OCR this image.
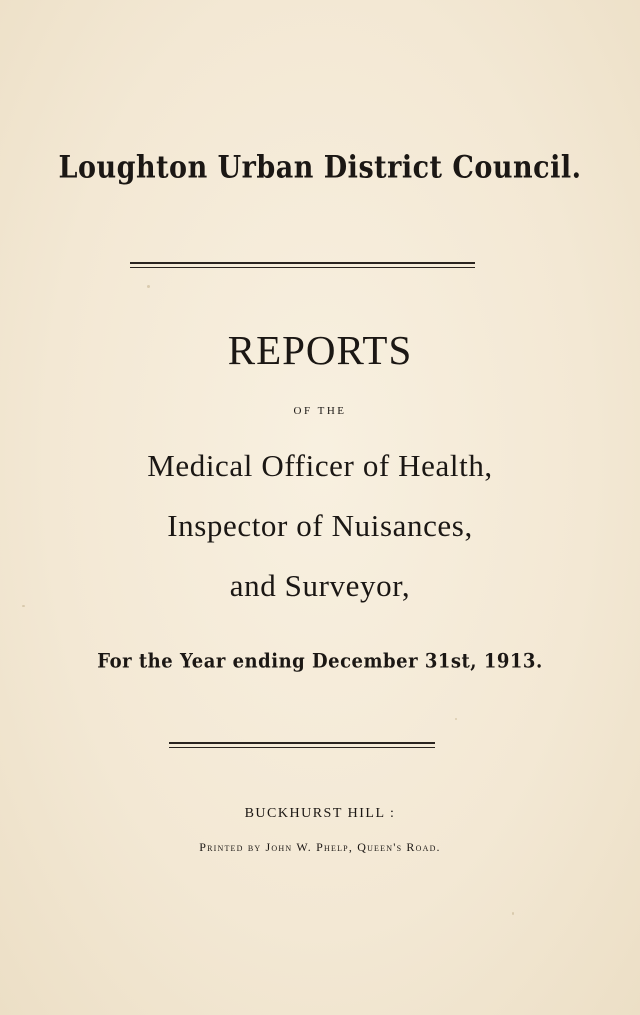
Loughton Urban District Council.
REPORTS
OF THE
Medical Officer of Health,
Inspector of Nuisances,
and Surveyor,
For the Year ending December 31st, 1913.
BUCKHURST HILL :
Printed by John W. Phelp, Queen's Road.
